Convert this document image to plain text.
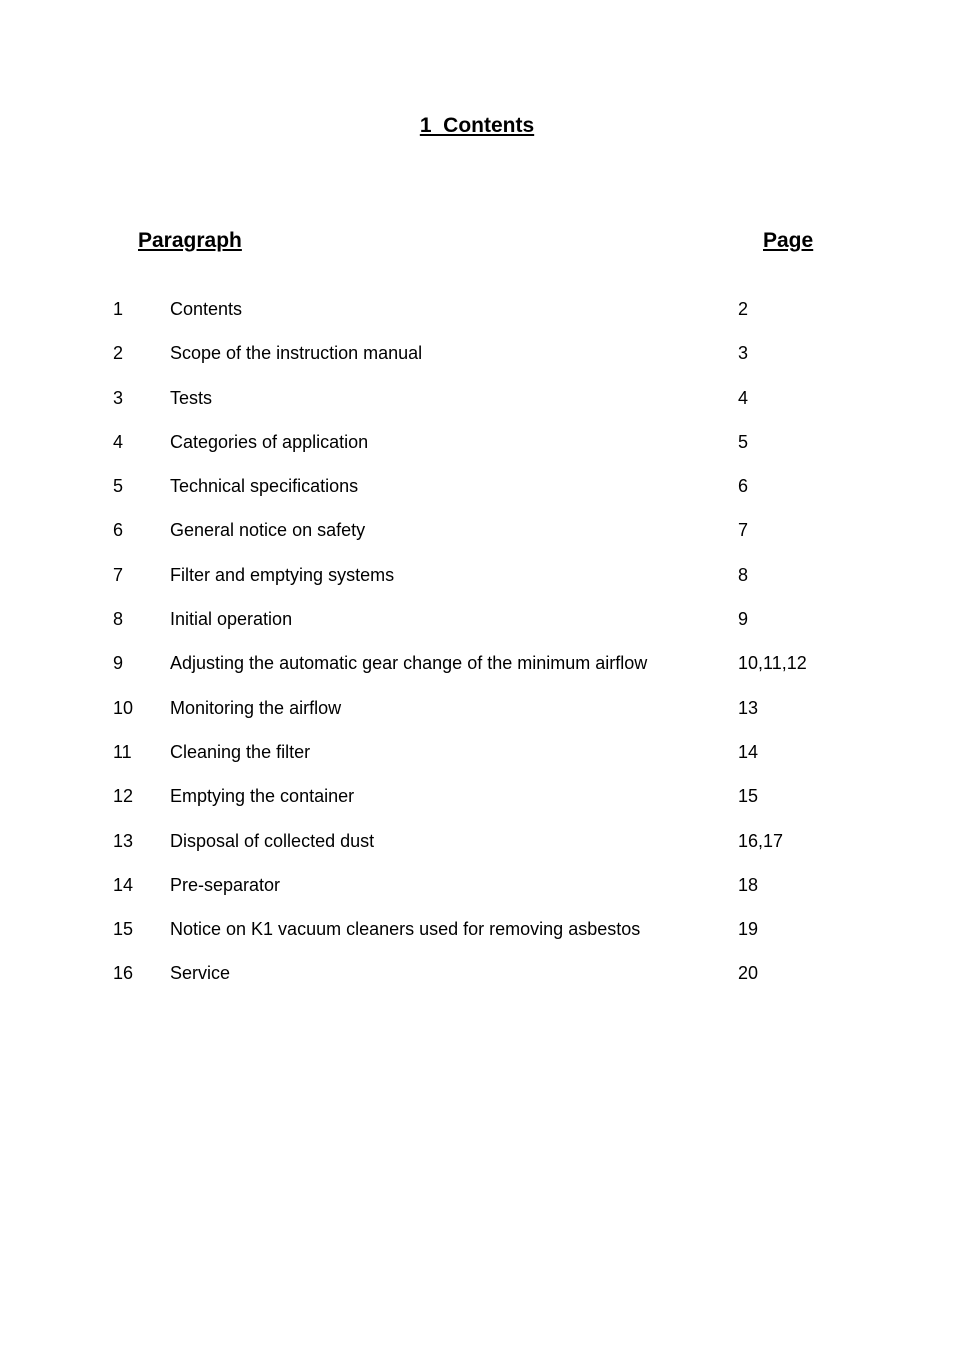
1  Contents
Paragraph	Page
1	Contents	2
2	Scope of the instruction manual	3
3	Tests	4
4	Categories of application	5
5	Technical specifications	6
6	General notice on safety	7
7	Filter and emptying systems	8
8	Initial operation	9
9	Adjusting the automatic gear change of the minimum airflow	10,11,12
10 Monitoring the airflow	13
11 Cleaning the filter	14
12 Emptying the container	15
13 Disposal of collected dust	16,17
14 Pre-separator	18
15 Notice on K1 vacuum cleaners used for removing asbestos	19
16 Service	20
